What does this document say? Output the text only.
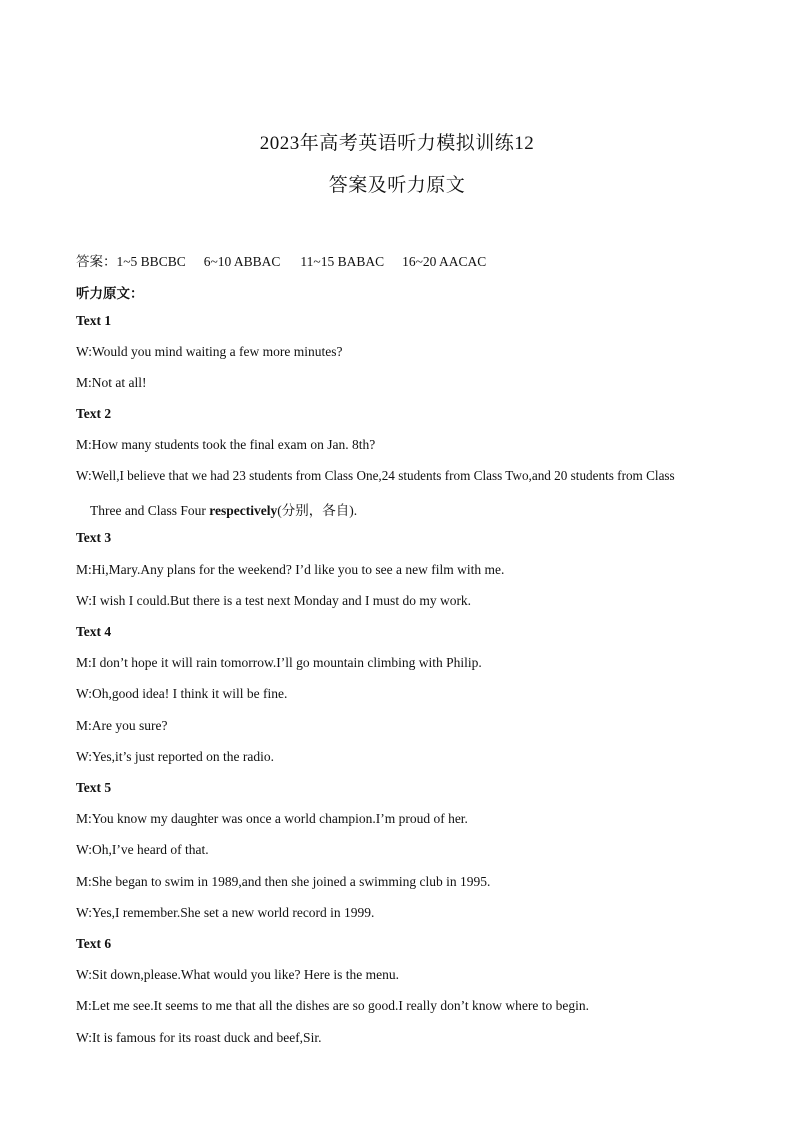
2023年高考英语听力模拟训练12
答案及听力原文
答案：1~5 BBCBC 6~10 ABBAC 11~15 BABAC 16~20 AACAC
听力原文：
Text 1
W:Would you mind waiting a few more minutes?
M:Not at all!
Text 2
M:How many students took the final exam on Jan. 8th?
W:Well,I believe that we had 23 students from Class One,24 students from Class Two,and 20 students from Class
Three and Class Four respectively(分别，各自).
Text 3
M:Hi,Mary.Any plans for the weekend? I’d like you to see a new film with me.
W:I wish I could.But there is a test next Monday and I must do my work.
Text 4
M:I don’t hope it will rain tomorrow.I’ll go mountain climbing with Philip.
W:Oh,good idea! I think it will be fine.
M:Are you sure?
W:Yes,it’s just reported on the radio.
Text 5
M:You know my daughter was once a world champion.I’m proud of her.
W:Oh,I’ve heard of that.
M:She began to swim in 1989,and then she joined a swimming club in 1995.
W:Yes,I remember.She set a new world record in 1999.
Text 6
W:Sit down,please.What would you like? Here is the menu.
M:Let me see.It seems to me that all the dishes are so good.I really don’t know where to begin.
W:It is famous for its roast duck and beef,Sir.
